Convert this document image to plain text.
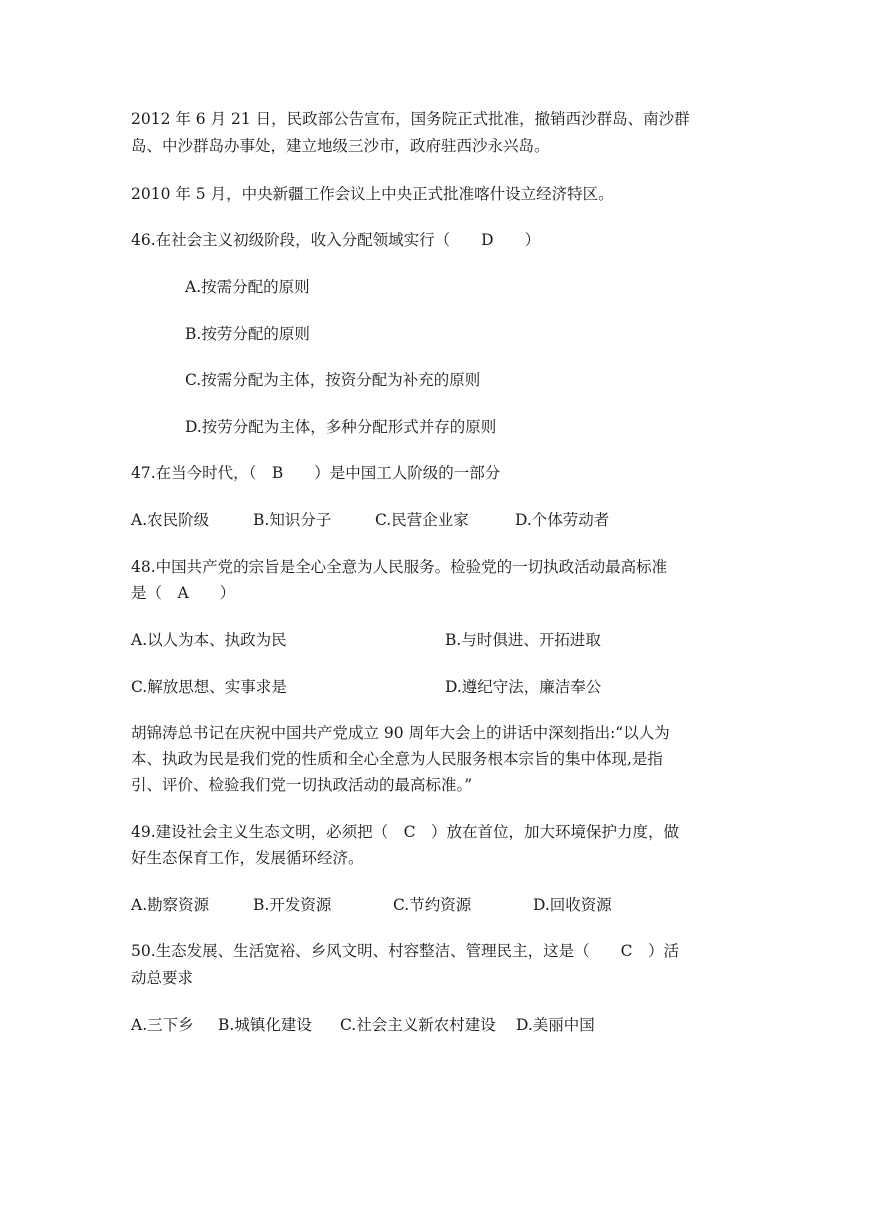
2012 年 6 月 21 日，民政部公告宣布，国务院正式批准，撤销西沙群岛、南沙群
岛、中沙群岛办事处，建立地级三沙市，政府驻西沙永兴岛。
2010 年 5 月，中央新疆工作会议上中央正式批准喀什设立经济特区。
46.在社会主义初级阶段，收入分配领域实行（　　D　　）
A.按需分配的原则
B.按劳分配的原则
C.按需分配为主体，按资分配为补充的原则
D.按劳分配为主体，多种分配形式并存的原则
47.在当今时代，（　B　　）是中国工人阶级的一部分
A.农民阶级	B.知识分子	C.民营企业家	D.个体劳动者
48.中国共产党的宗旨是全心全意为人民服务。检验党的一切执政活动最高标准
是（　A　　）
A.以人为本、执政为民	B.与时俱进、开拓进取
C.解放思想、实事求是	D.遵纪守法，廉洁奉公
胡锦涛总书记在庆祝中国共产党成立 90 周年大会上的讲话中深刻指出:“以人为
本、执政为民是我们党的性质和全心全意为人民服务根本宗旨的集中体现,是指
引、评价、检验我们党一切执政活动的最高标准。”
49.建设社会主义生态文明，必须把（　C　）放在首位，加大环境保护力度，做
好生态保育工作，发展循环经济。
A.勘察资源	B.开发资源	C.节约资源	D.回收资源
50.生态发展、生活宽裕、乡风文明、村容整洁、管理民主，这是（　　C　）活
动总要求
A.三下乡 B.城镇化建设 C.社会主义新农村建设 D.美丽中国
